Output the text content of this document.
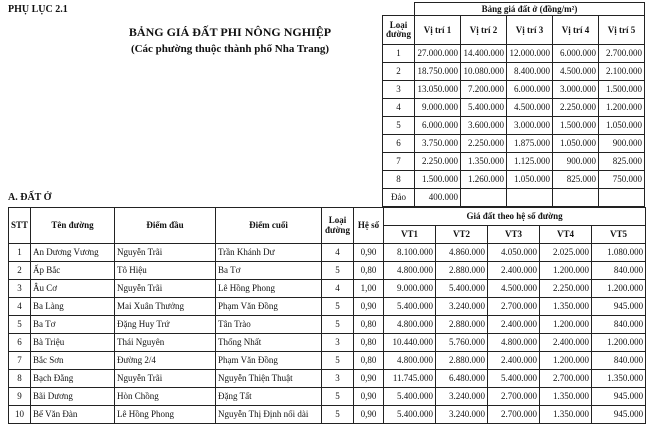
PHỤ LỤC 2.1
BẢNG GIÁ ĐẤT PHI NÔNG NGHIỆP
(Các phường thuộc thành phố Nha Trang)
	Bảng giá đất ở (đồng/m²)				
Loại đường	Vị trí 1	Vị trí 2	Vị trí 3	Vị trí 4	Vị trí 5
1	27.000.000	14.400.000	12.000.000	6.000.000	2.700.000
2	18.750.000	10.080.000	8.400.000	4.500.000	2.100.000
3	13.050.000	7.200.000	6.000.000	3.000.000	1.500.000
4	9.000.000	5.400.000	4.500.000	2.250.000	1.200.000
5	6.000.000	3.600.000	3.000.000	1.500.000	1.050.000
6	3.750.000	2.250.000	1.875.000	1.050.000	900.000
7	2.250.000	1.350.000	1.125.000	900.000	825.000
8	1.500.000	1.260.000	1.050.000	825.000	750.000
Đảo	400.000				
A. ĐẤT Ở
STT	Tên đường	Điểm đầu	Điểm cuối	Loại đường	Hệ số	Giá đất theo hệ số đường				
						VT1	VT2	VT3	VT4	VT5
1	An Dương Vương	Nguyễn Trãi	Trần Khánh Dư	4	0,90	8.100.000	4.860.000	4.050.000	2.025.000	1.080.000
2	Ấp Bắc	Tô Hiệu	Ba Tơ	5	0,80	4.800.000	2.880.000	2.400.000	1.200.000	840.000
3	Âu Cơ	Nguyễn Trãi	Lê Hồng Phong	4	1,00	9.000.000	5.400.000	4.500.000	2.250.000	1.200.000
4	Ba Làng	Mai Xuân Thưởng	Phạm Văn Đồng	5	0,90	5.400.000	3.240.000	2.700.000	1.350.000	945.000
5	Ba Tơ	Đặng Huy Trứ	Tân Trào	5	0,80	4.800.000	2.880.000	2.400.000	1.200.000	840.000
6	Bà Triệu	Thái Nguyên	Thống Nhất	3	0,80	10.440.000	5.760.000	4.800.000	2.400.000	1.200.000
7	Bắc Sơn	Đường 2/4	Phạm Văn Đồng	5	0,80	4.800.000	2.880.000	2.400.000	1.200.000	840.000
8	Bạch Đằng	Nguyễn Trãi	Nguyễn Thiện Thuật	3	0,90	11.745.000	6.480.000	5.400.000	2.700.000	1.350.000
9	Bãi Dương	Hòn Chồng	Đặng Tất	5	0,90	5.400.000	3.240.000	2.700.000	1.350.000	945.000
10	Bế Văn Đàn	Lê Hồng Phong	Nguyễn Thị Định nối dài	5	0,90	5.400.000	3.240.000	2.700.000	1.350.000	945.000
